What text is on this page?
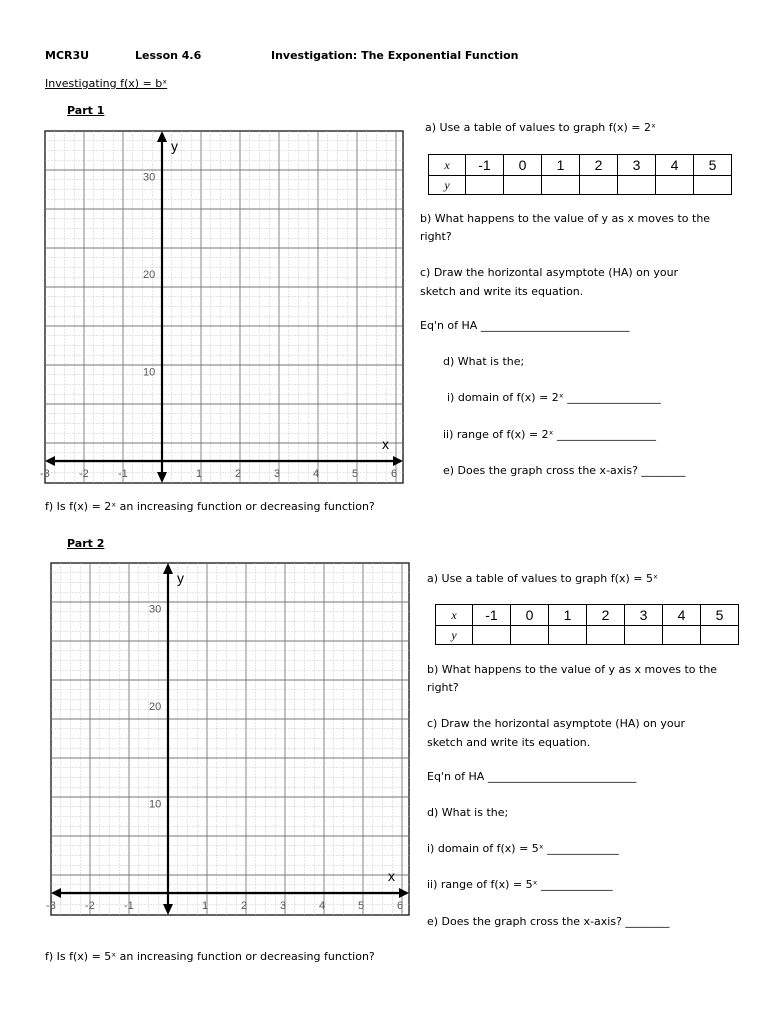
MCR3U	Lesson 4.6	Investigation: The Exponential Function
Investigating f(x) = bˣ
Part 1
y
x
-3	-2	-1	1	2	3	4	5	6
10
20
30
a) Use a table of values to graph f(x) = 2ˣ
x	-1	0	1	2	3	4	5
y							
b) What happens to the value of y as x moves to the right?
c) Draw the horizontal asymptote (HA) on your sketch and write its equation.
Eq'n of HA ___________________________
d) What is the;
i) domain of f(x) = 2ˣ _________________
ii) range of f(x) = 2ˣ __________________
e) Does the graph cross the x-axis? ________
f) Is f(x) = 2ˣ an increasing function or decreasing function?
Part 2
y
x
-3	-2	-1	1	2	3	4	5	6
10
20
30
a) Use a table of values to graph f(x) = 5ˣ
x	-1	0	1	2	3	4	5
y							
b) What happens to the value of y as x moves to the right?
c) Draw the horizontal asymptote (HA) on your sketch and write its equation.
Eq'n of HA ___________________________
d) What is the;
i) domain of f(x) = 5ˣ _____________
ii) range of f(x) = 5ˣ _____________
e) Does the graph cross the x-axis? ________
f) Is f(x) = 5ˣ an increasing function or decreasing function?
